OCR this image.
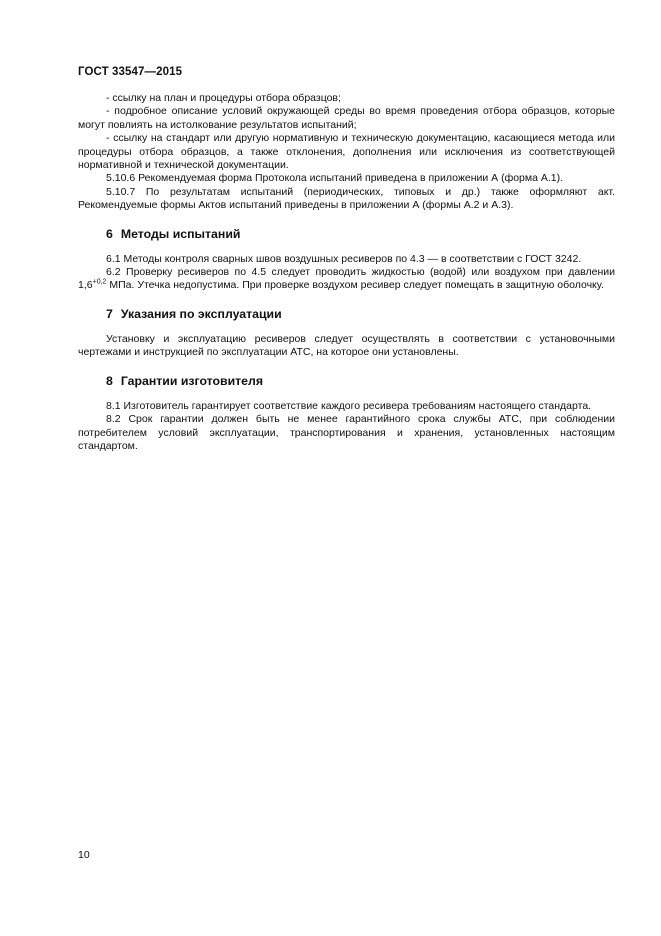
ГОСТ 33547—2015

- ссылку на план и процедуры отбора образцов;

- подробное описание условий окружающей среды во время проведения отбора образцов, которые могут повлиять на истолкование результатов испытаний;

- ссылку на стандарт или другую нормативную и техническую документацию, касающиеся метода или процедуры отбора образцов, а также отклонения, дополнения или исключения из соответствующей нормативной и технической документации.

5.10.6 Рекомендуемая форма Протокола испытаний приведена в приложении А (форма А.1).

5.10.7 По результатам испытаний (периодических, типовых и др.) также оформляют акт. Рекомендуемые формы Актов испытаний приведены в приложении А (формы А.2 и А.3).

6 Методы испытаний

6.1 Методы контроля сварных швов воздушных ресиверов по 4.3 — в соответствии с ГОСТ 3242.

6.2 Проверку ресиверов по 4.5 следует проводить жидкостью (водой) или воздухом при давлении $1,6^{+0,2}$ МПа. Утечка недопустима. При проверке воздухом ресивер следует помещать в защитную оболочку.

7 Указания по эксплуатации

Установку и эксплуатацию ресиверов следует осуществлять в соответствии с установочными чертежами и инструкцией по эксплуатации АТС, на которое они установлены.

8 Гарантии изготовителя

8.1 Изготовитель гарантирует соответствие каждого ресивера требованиям настоящего стандарта.

8.2 Срок гарантии должен быть не менее гарантийного срока службы АТС, при соблюдении потребителем условий эксплуатации, транспортирования и хранения, установленных настоящим стандартом.

10
